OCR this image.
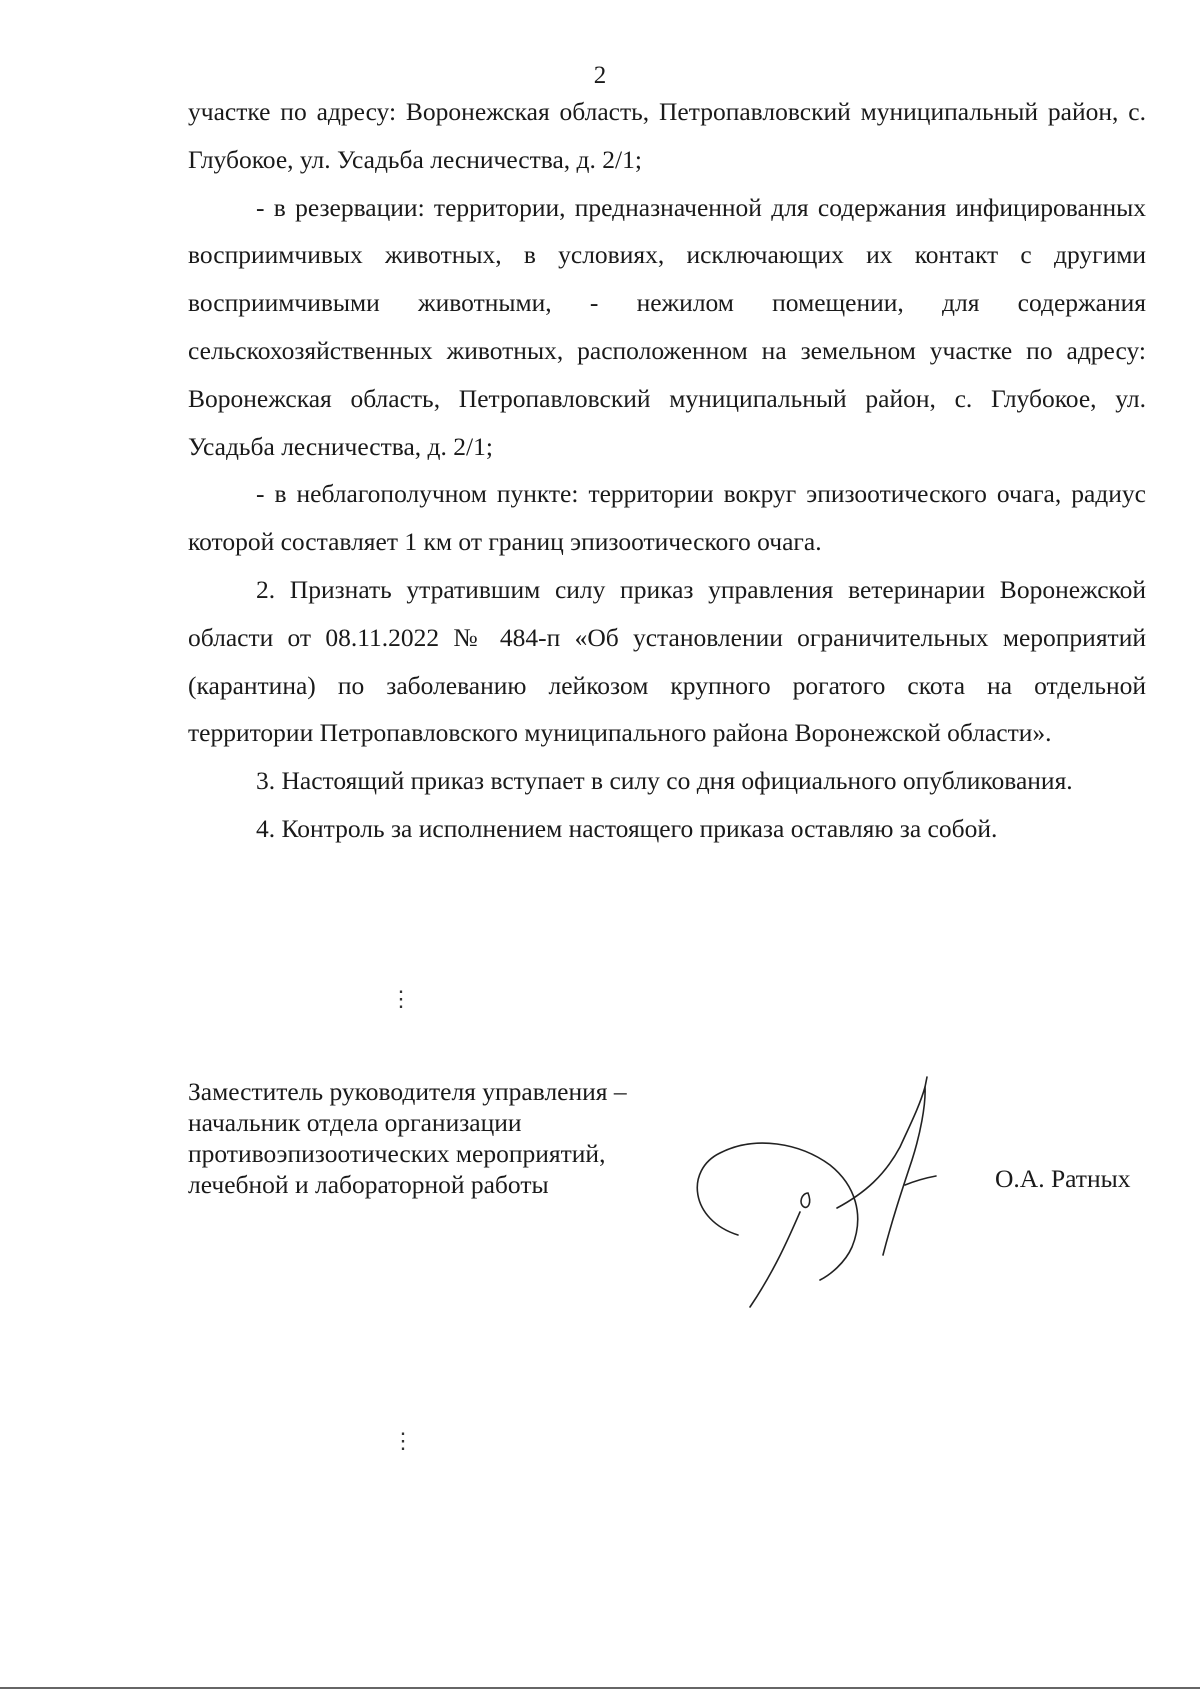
2

участке по адресу: Воронежская область, Петропавловский муниципальный район, с. Глубокое, ул. Усадьба лесничества, д. 2/1;

- в резервации: территории, предназначенной для содержания инфицированных восприимчивых животных, в условиях, исключающих их контакт с другими восприимчивыми животными, - нежилом помещении, для содержания сельскохозяйственных животных, расположенном на земельном участке по адресу: Воронежская область, Петропавловский муниципальный район, с. Глубокое, ул. Усадьба лесничества, д. 2/1;

- в неблагополучном пункте: территории вокруг эпизоотического очага, радиус которой составляет 1 км от границ эпизоотического очага.

2. Признать утратившим силу приказ управления ветеринарии Воронежской области от 08.11.2022 № 484-п «Об установлении ограничительных мероприятий (карантина) по заболеванию лейкозом крупного рогатого скота на отдельной территории Петропавловского муниципального района Воронежской области».

3. Настоящий приказ вступает в силу со дня официального опубликования.

4. Контроль за исполнением настоящего приказа оставляю за собой.

⋮
⋮
Заместитель руководителя управления –
начальник отдела организации
противоэпизоотических мероприятий,
лечебной и лабораторной работы	О.А. Ратных
